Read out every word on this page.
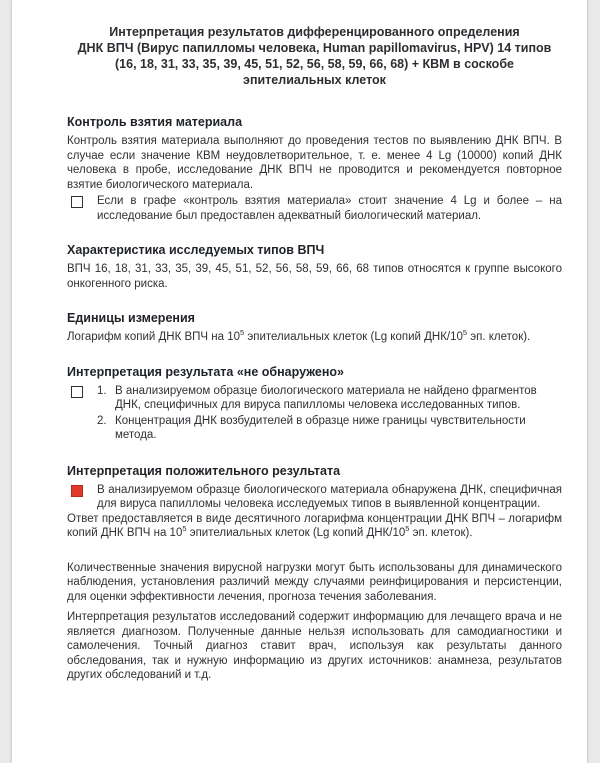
Интерпретация результатов дифференцированного определения
ДНК ВПЧ (Вирус папилломы человека, Human papillomavirus, HPV) 14 типов
(16, 18, 31, 33, 35, 39, 45, 51, 52, 56, 58, 59, 66, 68) + КВМ в соскобе
эпителиальных клеток
Контроль взятия материала

Контроль взятия материала выполняют до проведения тестов по выявлению ДНК ВПЧ. В случае если значение КВМ неудовлетворительное, т. е. менее 4 Lg (10000) копий ДНК человека в пробе, исследование ДНК ВПЧ не проводится и рекомендуется повторное взятие биологического материала.

Если в графе «контроль взятия материала» стоит значение 4 Lg и более – на исследование был предоставлен адекватный биологический материал.
Характеристика исследуемых типов ВПЧ

ВПЧ 16, 18, 31, 33, 35, 39, 45, 51, 52, 56, 58, 59, 66, 68 типов относятся к группе высокого онкогенного риска.

Единицы измерения

Логарифм копий ДНК ВПЧ на $10^5$ эпителиальных клеток (Lg копий ДНК/$10^5$ эп. клеток).

Интерпретация результата «не обнаружено»
1. В анализируемом образце биологического материала не найдено фрагментов ДНК, специфичных для вируса папилломы человека исследованных типов.
2. Концентрация ДНК возбудителей в образце ниже границы чувствительности метода.
Интерпретация положительного результата
В анализируемом образце биологического материала обнаружена ДНК, специфичная для вируса папилломы человека исследуемых типов в выявленной концентрации.

Ответ предоставляется в виде десятичного логарифма концентрации ДНК ВПЧ – логарифм копий ДНК ВПЧ на $10^5$ эпителиальных клеток (Lg копий ДНК/$10^5$ эп. клеток).

Количественные значения вирусной нагрузки могут быть использованы для динамического наблюдения, установления различий между случаями реинфицирования и персистенции, для оценки эффективности лечения, прогноза течения заболевания.

Интерпретация результатов исследований содержит информацию для лечащего врача и не является диагнозом. Полученные данные нельзя использовать для самодиагностики и самолечения. Точный диагноз ставит врач, используя как результаты данного обследования, так и нужную информацию из других источников: анамнеза, результатов других обследований и т.д.
